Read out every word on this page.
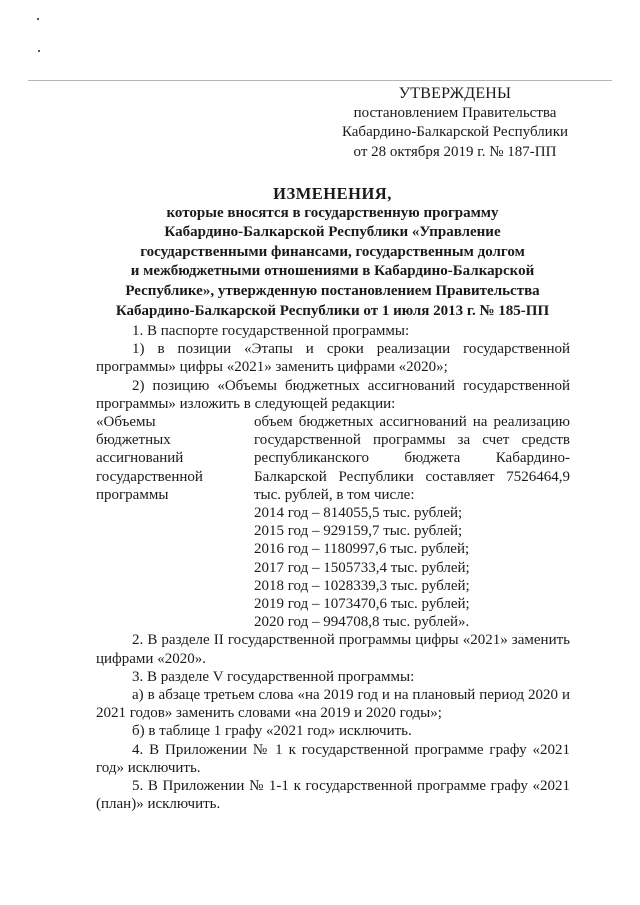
УТВЕРЖДЕНЫ
постановлением Правительства
Кабардино-Балкарской Республики
от 28 октября 2019 г. № 187-ПП
ИЗМЕНЕНИЯ,
которые вносятся в государственную программу
Кабардино-Балкарской Республики «Управление
государственными финансами, государственным долгом
и межбюджетными отношениями в Кабардино-Балкарской
Республике», утвержденную постановлением Правительства
Кабардино-Балкарской Республики от 1 июля 2013 г. № 185-ПП

1. В паспорте государственной программы:

1) в позиции «Этапы и сроки реализации государственной программы» цифры «2021» заменить цифрами «2020»;

2) позицию «Объемы бюджетных ассигнований государственной программы» изложить в следующей редакции:

«Объемы
бюджетных
ассигнований
государственной
программы
объем бюджетных ассигнований на реализацию государственной программы за счет средств республиканского бюджета Кабардино-Балкарской Республики составляет 7526464,9 тыс. рублей, в том числе:
2014 год – 814055,5 тыс. рублей;
2015 год – 929159,7 тыс. рублей;
2016 год – 1180997,6 тыс. рублей;
2017 год – 1505733,4 тыс. рублей;
2018 год – 1028339,3 тыс. рублей;
2019 год – 1073470,6 тыс. рублей;
2020 год – 994708,8 тыс. рублей».

2. В разделе II государственной программы цифры «2021» заменить цифрами «2020».

3. В разделе V государственной программы:

а) в абзаце третьем слова «на 2019 год и на плановый период 2020 и 2021 годов» заменить словами «на 2019 и 2020 годы»;

б) в таблице 1 графу «2021 год» исключить.

4. В Приложении № 1 к государственной программе графу «2021 год» исключить.

5. В Приложении № 1-1 к государственной программе графу «2021 (план)» исключить.
